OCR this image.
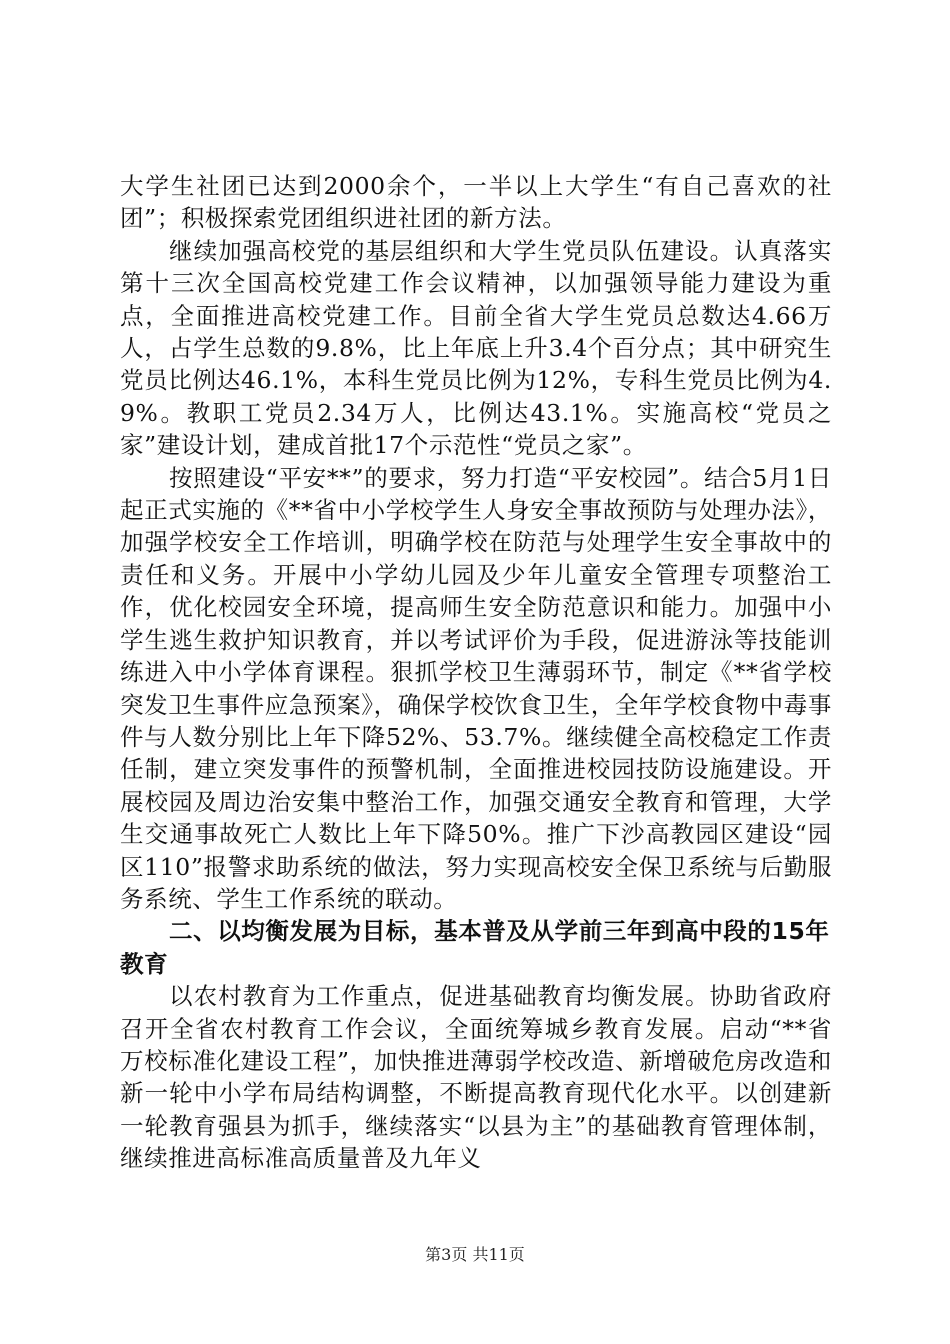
大学生社团已达到2000余个，一半以上大学生“有自己喜欢的社团”；积极探索党团组织进社团的新方法。

继续加强高校党的基层组织和大学生党员队伍建设。认真落实第十三次全国高校党建工作会议精神，以加强领导能力建设为重点，全面推进高校党建工作。目前全省大学生党员总数达4.66万人，占学生总数的9.8%，比上年底上升3.4个百分点；其中研究生党员比例达46.1%，本科生党员比例为12%，专科生党员比例为4.9%。教职工党员2.34万人，比例达43.1%。实施高校“党员之家”建设计划，建成首批17个示范性“党员之家”。

按照建设“平安**”的要求，努力打造“平安校园”。结合5月1日起正式实施的《**省中小学校学生人身安全事故预防与处理办法》，加强学校安全工作培训，明确学校在防范与处理学生安全事故中的责任和义务。开展中小学幼儿园及少年儿童安全管理专项整治工作，优化校园安全环境，提高师生安全防范意识和能力。加强中小学生逃生救护知识教育，并以考试评价为手段，促进游泳等技能训练进入中小学体育课程。狠抓学校卫生薄弱环节，制定《**省学校突发卫生事件应急预案》，确保学校饮食卫生，全年学校食物中毒事件与人数分别比上年下降52%、53.7%。继续健全高校稳定工作责任制，建立突发事件的预警机制，全面推进校园技防设施建设。开展校园及周边治安集中整治工作，加强交通安全教育和管理，大学生交通事故死亡人数比上年下降50%。推广下沙高教园区建设“园区110”报警求助系统的做法，努力实现高校安全保卫系统与后勤服务系统、学生工作系统的联动。

二、以均衡发展为目标，基本普及从学前三年到高中段的15年教育

以农村教育为工作重点，促进基础教育均衡发展。协助省政府召开全省农村教育工作会议，全面统筹城乡教育发展。启动“**省万校标准化建设工程”，加快推进薄弱学校改造、新增破危房改造和新一轮中小学布局结构调整，不断提高教育现代化水平。以创建新一轮教育强县为抓手，继续落实“以县为主”的基础教育管理体制，继续推进高标准高质量普及九年义

第3页 共11页
